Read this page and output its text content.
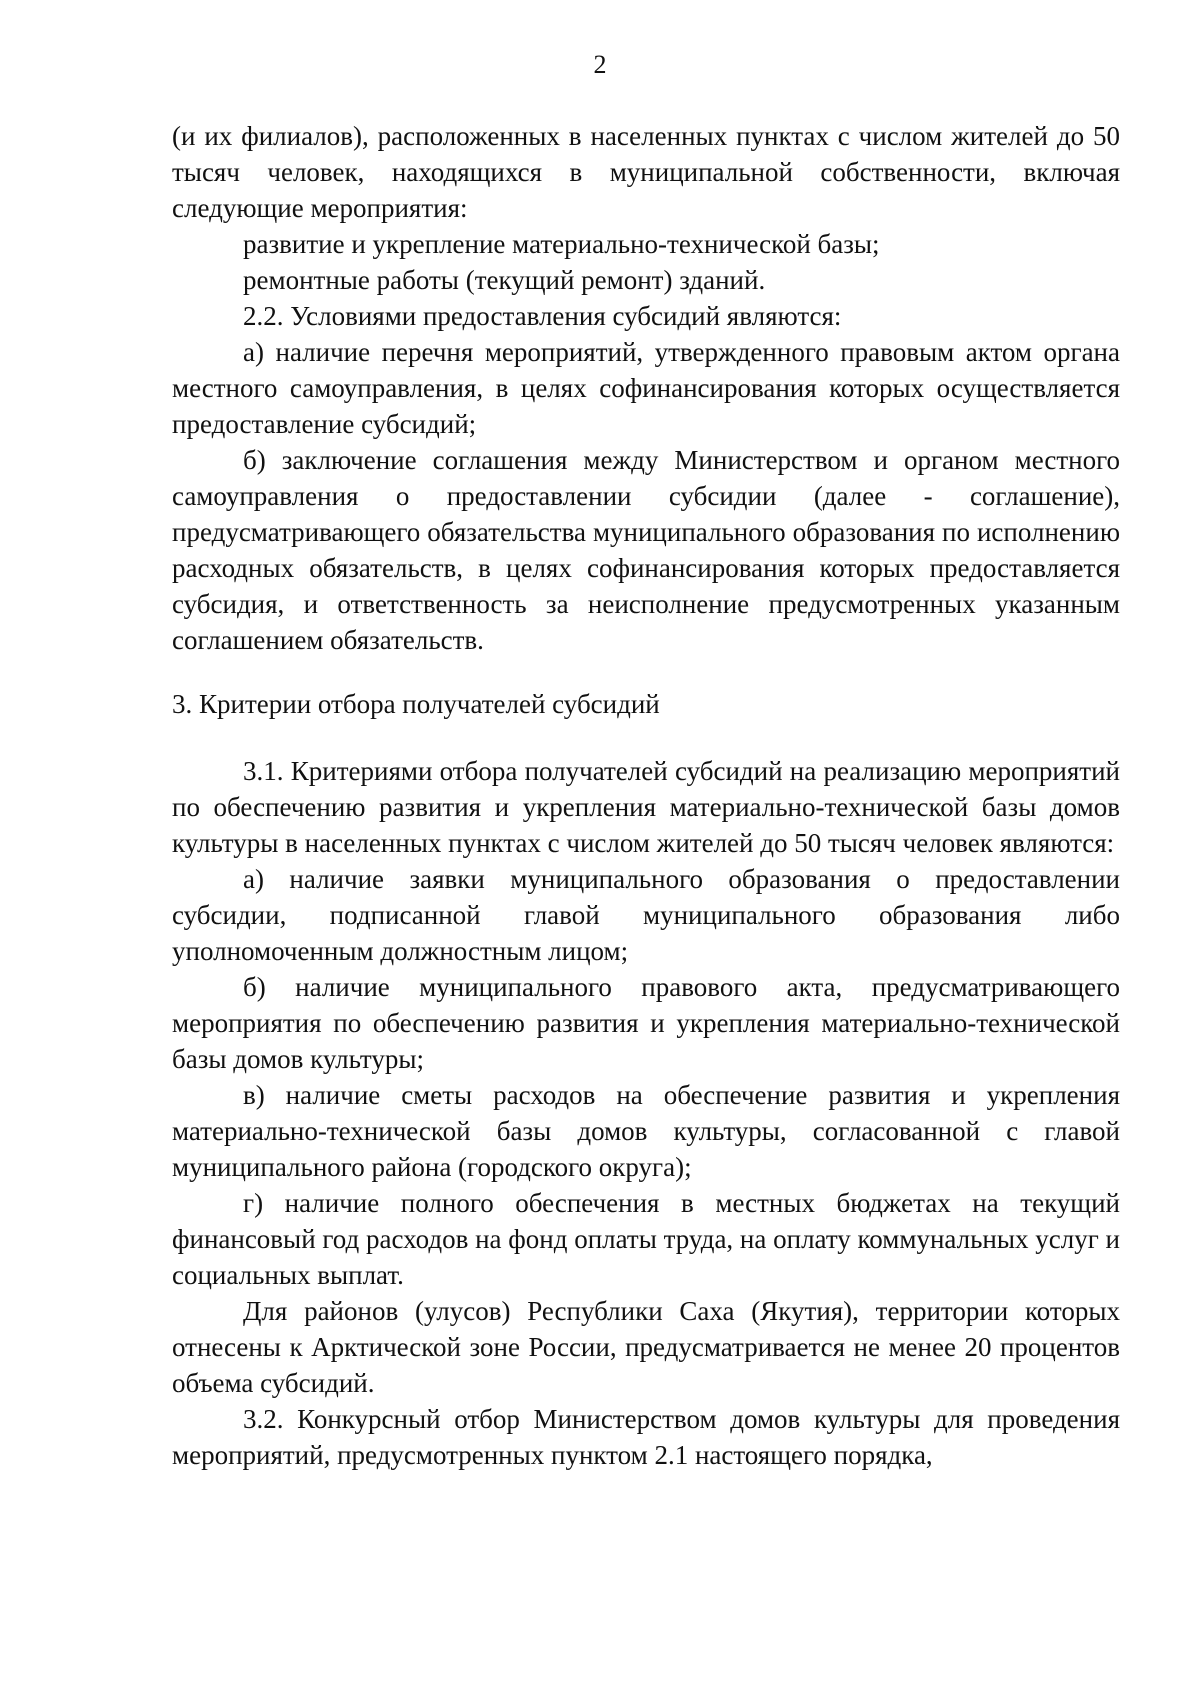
2

(и их филиалов), расположенных в населенных пунктах с числом жителей до 50 тысяч человек, находящихся в муниципальной собственности, включая следующие мероприятия:

развитие и укрепление материально-технической базы;

ремонтные работы (текущий ремонт) зданий.

2.2. Условиями предоставления субсидий являются:

а) наличие перечня мероприятий, утвержденного правовым актом органа местного самоуправления, в целях софинансирования которых осуществляется предоставление субсидий;

б) заключение соглашения между Министерством и органом местного самоуправления о предоставлении субсидии (далее - соглашение), предусматривающего обязательства муниципального образования по исполнению расходных обязательств, в целях софинансирования которых предоставляется субсидия, и ответственность за неисполнение предусмотренных указанным соглашением обязательств.

3. Критерии отбора получателей субсидий

3.1. Критериями отбора получателей субсидий на реализацию мероприятий по обеспечению развития и укрепления материально-технической базы домов культуры в населенных пунктах с числом жителей до 50 тысяч человек являются:

а) наличие заявки муниципального образования о предоставлении субсидии, подписанной главой муниципального образования либо уполномоченным должностным лицом;

б) наличие муниципального правового акта, предусматривающего мероприятия по обеспечению развития и укрепления материально-технической базы домов культуры;

в) наличие сметы расходов на обеспечение развития и укрепления материально-технической базы домов культуры, согласованной с главой муниципального района (городского округа);

г) наличие полного обеспечения в местных бюджетах на текущий финансовый год расходов на фонд оплаты труда, на оплату коммунальных услуг и социальных выплат.

Для районов (улусов) Республики Саха (Якутия), территории которых отнесены к Арктической зоне России, предусматривается не менее 20 процентов объема субсидий.

3.2. Конкурсный отбор Министерством домов культуры для проведения мероприятий, предусмотренных пунктом 2.1 настоящего порядка,
